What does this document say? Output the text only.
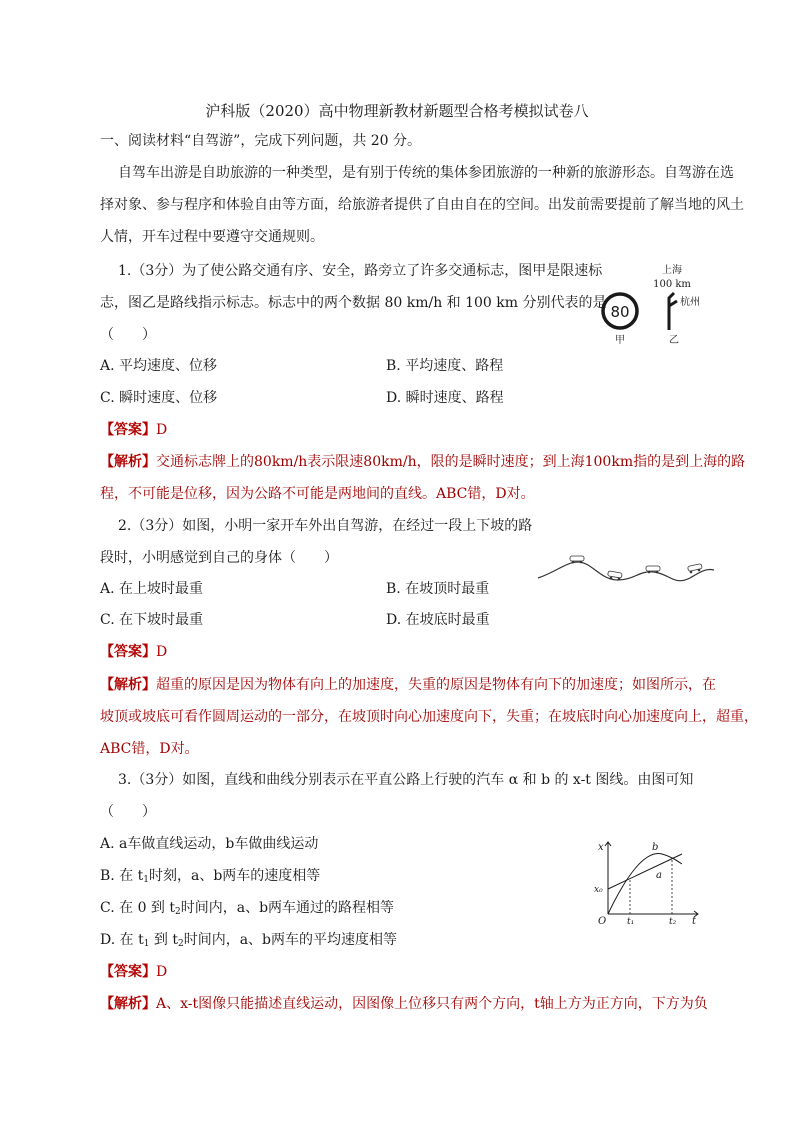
沪科版（2020）高中物理新教材新题型合格考模拟试卷八
一、阅读材料“自驾游”，完成下列问题，共 20 分。
自驾车出游是自助旅游的一种类型，是有别于传统的集体参团旅游的一种新的旅游形态。自驾游在选
择对象、参与程序和体验自由等方面，给旅游者提供了自由自在的空间。出发前需要提前了解当地的风土
人情，开车过程中要遵守交通规则。
1.（3分）为了使公路交通有序、安全，路旁立了许多交通标志，图甲是限速标
志，图乙是路线指示标志。标志中的两个数据 80 km/h 和 100 km 分别代表的是
（　　）
80
甲
上海
100 km
杭州
乙
A. 平均速度、位移	B. 平均速度、路程
C. 瞬时速度、位移	D. 瞬时速度、路程
【答案】D
【解析】交通标志牌上的80km/h表示限速80km/h，限的是瞬时速度；到上海100km指的是到上海的路
程，不可能是位移，因为公路不可能是两地间的直线。ABC错，D对。
2.（3分）如图，小明一家开车外出自驾游，在经过一段上下坡的路
段时，小明感觉到自己的身体（　　）
A. 在上坡时最重	B. 在坡顶时最重
C. 在下坡时最重	D. 在坡底时最重
【答案】D
【解析】超重的原因是因为物体有向上的加速度，失重的原因是物体有向下的加速度；如图所示，在
坡顶或坡底可看作圆周运动的一部分，在坡顶时向心加速度向下，失重；在坡底时向心加速度向上，超重，
ABC错，D对。
3.（3分）如图，直线和曲线分别表示在平直公路上行驶的汽车 α 和 b 的 x-t 图线。由图可知
（　　）
A. a车做直线运动，b车做曲线运动
B. 在 $t_1$时刻，a、b两车的速度相等
C. 在 0 到 $t_2$时间内，a、b两车通过的路程相等
D. 在 $t_1$ 到 $t_2$时间内，a、b两车的平均速度相等
x
t
O
x₀
t₁	t₂
a
b
【答案】D
【解析】A、x-t图像只能描述直线运动，因图像上位移只有两个方向，t轴上方为正方向，下方为负
